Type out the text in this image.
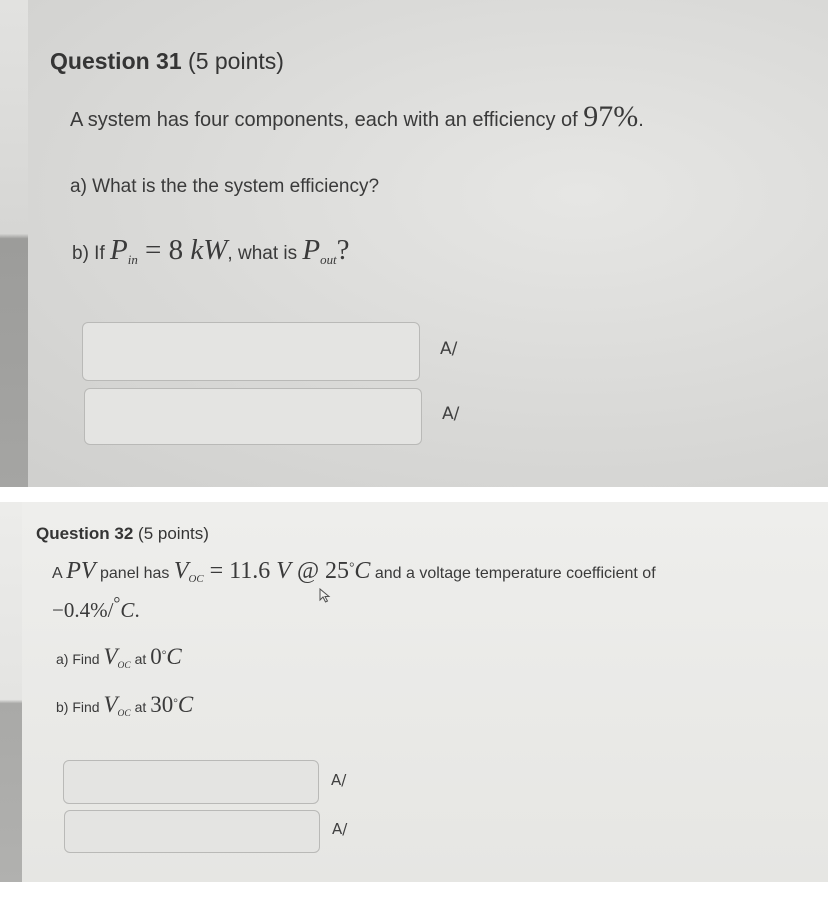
Question 31 (5 points)
A system has four components, each with an efficiency of 97%.
a) What is the the system efficiency?
b) If $P_{in} = 8$ kW, what is $P_{out}$?
A/
A/
Question 32 (5 points)
A PV panel has $V_{OC} = 11.6$ V @ 25°C and a voltage temperature coefficient of
−0.4%/°C.
a) Find $V_{OC}$ at 0°C
b) Find $V_{OC}$ at 30°C
A/
A/
